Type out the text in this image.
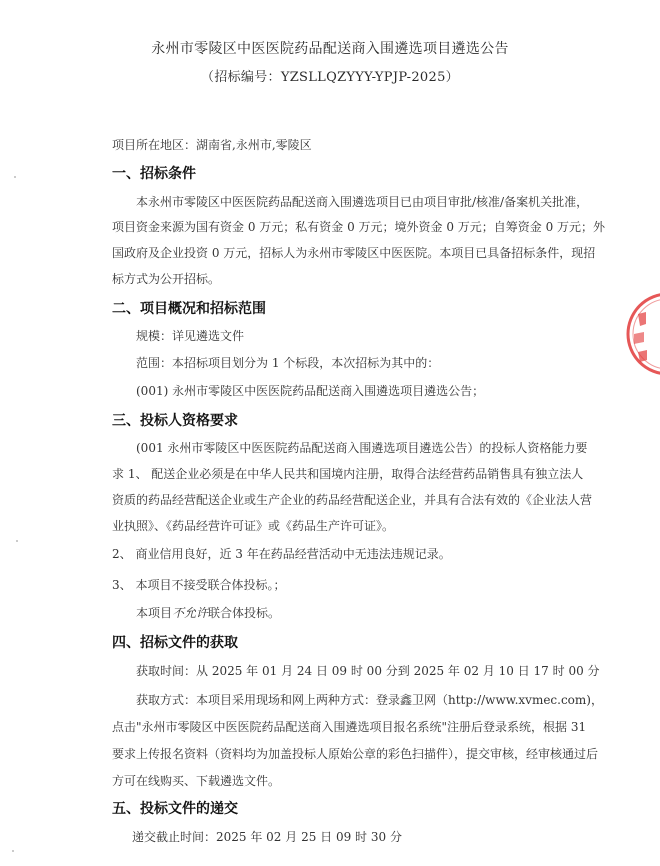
永州市零陵区中医医院药品配送商入围遴选项目遴选公告
（招标编号：YZSLLQZYYY-YPJP-2025）
项目所在地区：湖南省,永州市,零陵区
一、招标条件
本永州市零陵区中医医院药品配送商入围遴选项目已由项目审批/核准/备案机关批准，
项目资金来源为国有资金 0 万元；私有资金 0 万元；境外资金 0 万元；自筹资金 0 万元；外
国政府及企业投资 0 万元，招标人为永州市零陵区中医医院。本项目已具备招标条件，现招
标方式为公开招标。
二、项目概况和招标范围
规模：详见遴选文件
范围：本招标项目划分为 1 个标段，本次招标为其中的：
(001) 永州市零陵区中医医院药品配送商入围遴选项目遴选公告；
三、投标人资格要求
(001 永州市零陵区中医医院药品配送商入围遴选项目遴选公告）的投标人资格能力要
求 1、 配送企业必须是在中华人民共和国境内注册，取得合法经营药品销售具有独立法人
资质的药品经营配送企业或生产企业的药品经营配送企业，并具有合法有效的《企业法人营
业执照》、《药品经营许可证》或《药品生产许可证》。
2、 商业信用良好，近 3 年在药品经营活动中无违法违规记录。
3、 本项目不接受联合体投标。；
本项目不允许联合体投标。
四、招标文件的获取
获取时间：从 2025 年 01 月 24 日 09 时 00 分到 2025 年 02 月 10 日 17 时 00 分
获取方式：本项目采用现场和网上两种方式：登录鑫卫网（http://www.xvmec.com)，
点击"永州市零陵区中医医院药品配送商入围遴选项目报名系统"注册后登录系统，根据 31
要求上传报名资料（资料均为加盖投标人原始公章的彩色扫描件），提交审核，经审核通过后
方可在线购买、下载遴选文件。
五、投标文件的递交
递交截止时间：2025 年 02 月 25 日 09 时 30 分
